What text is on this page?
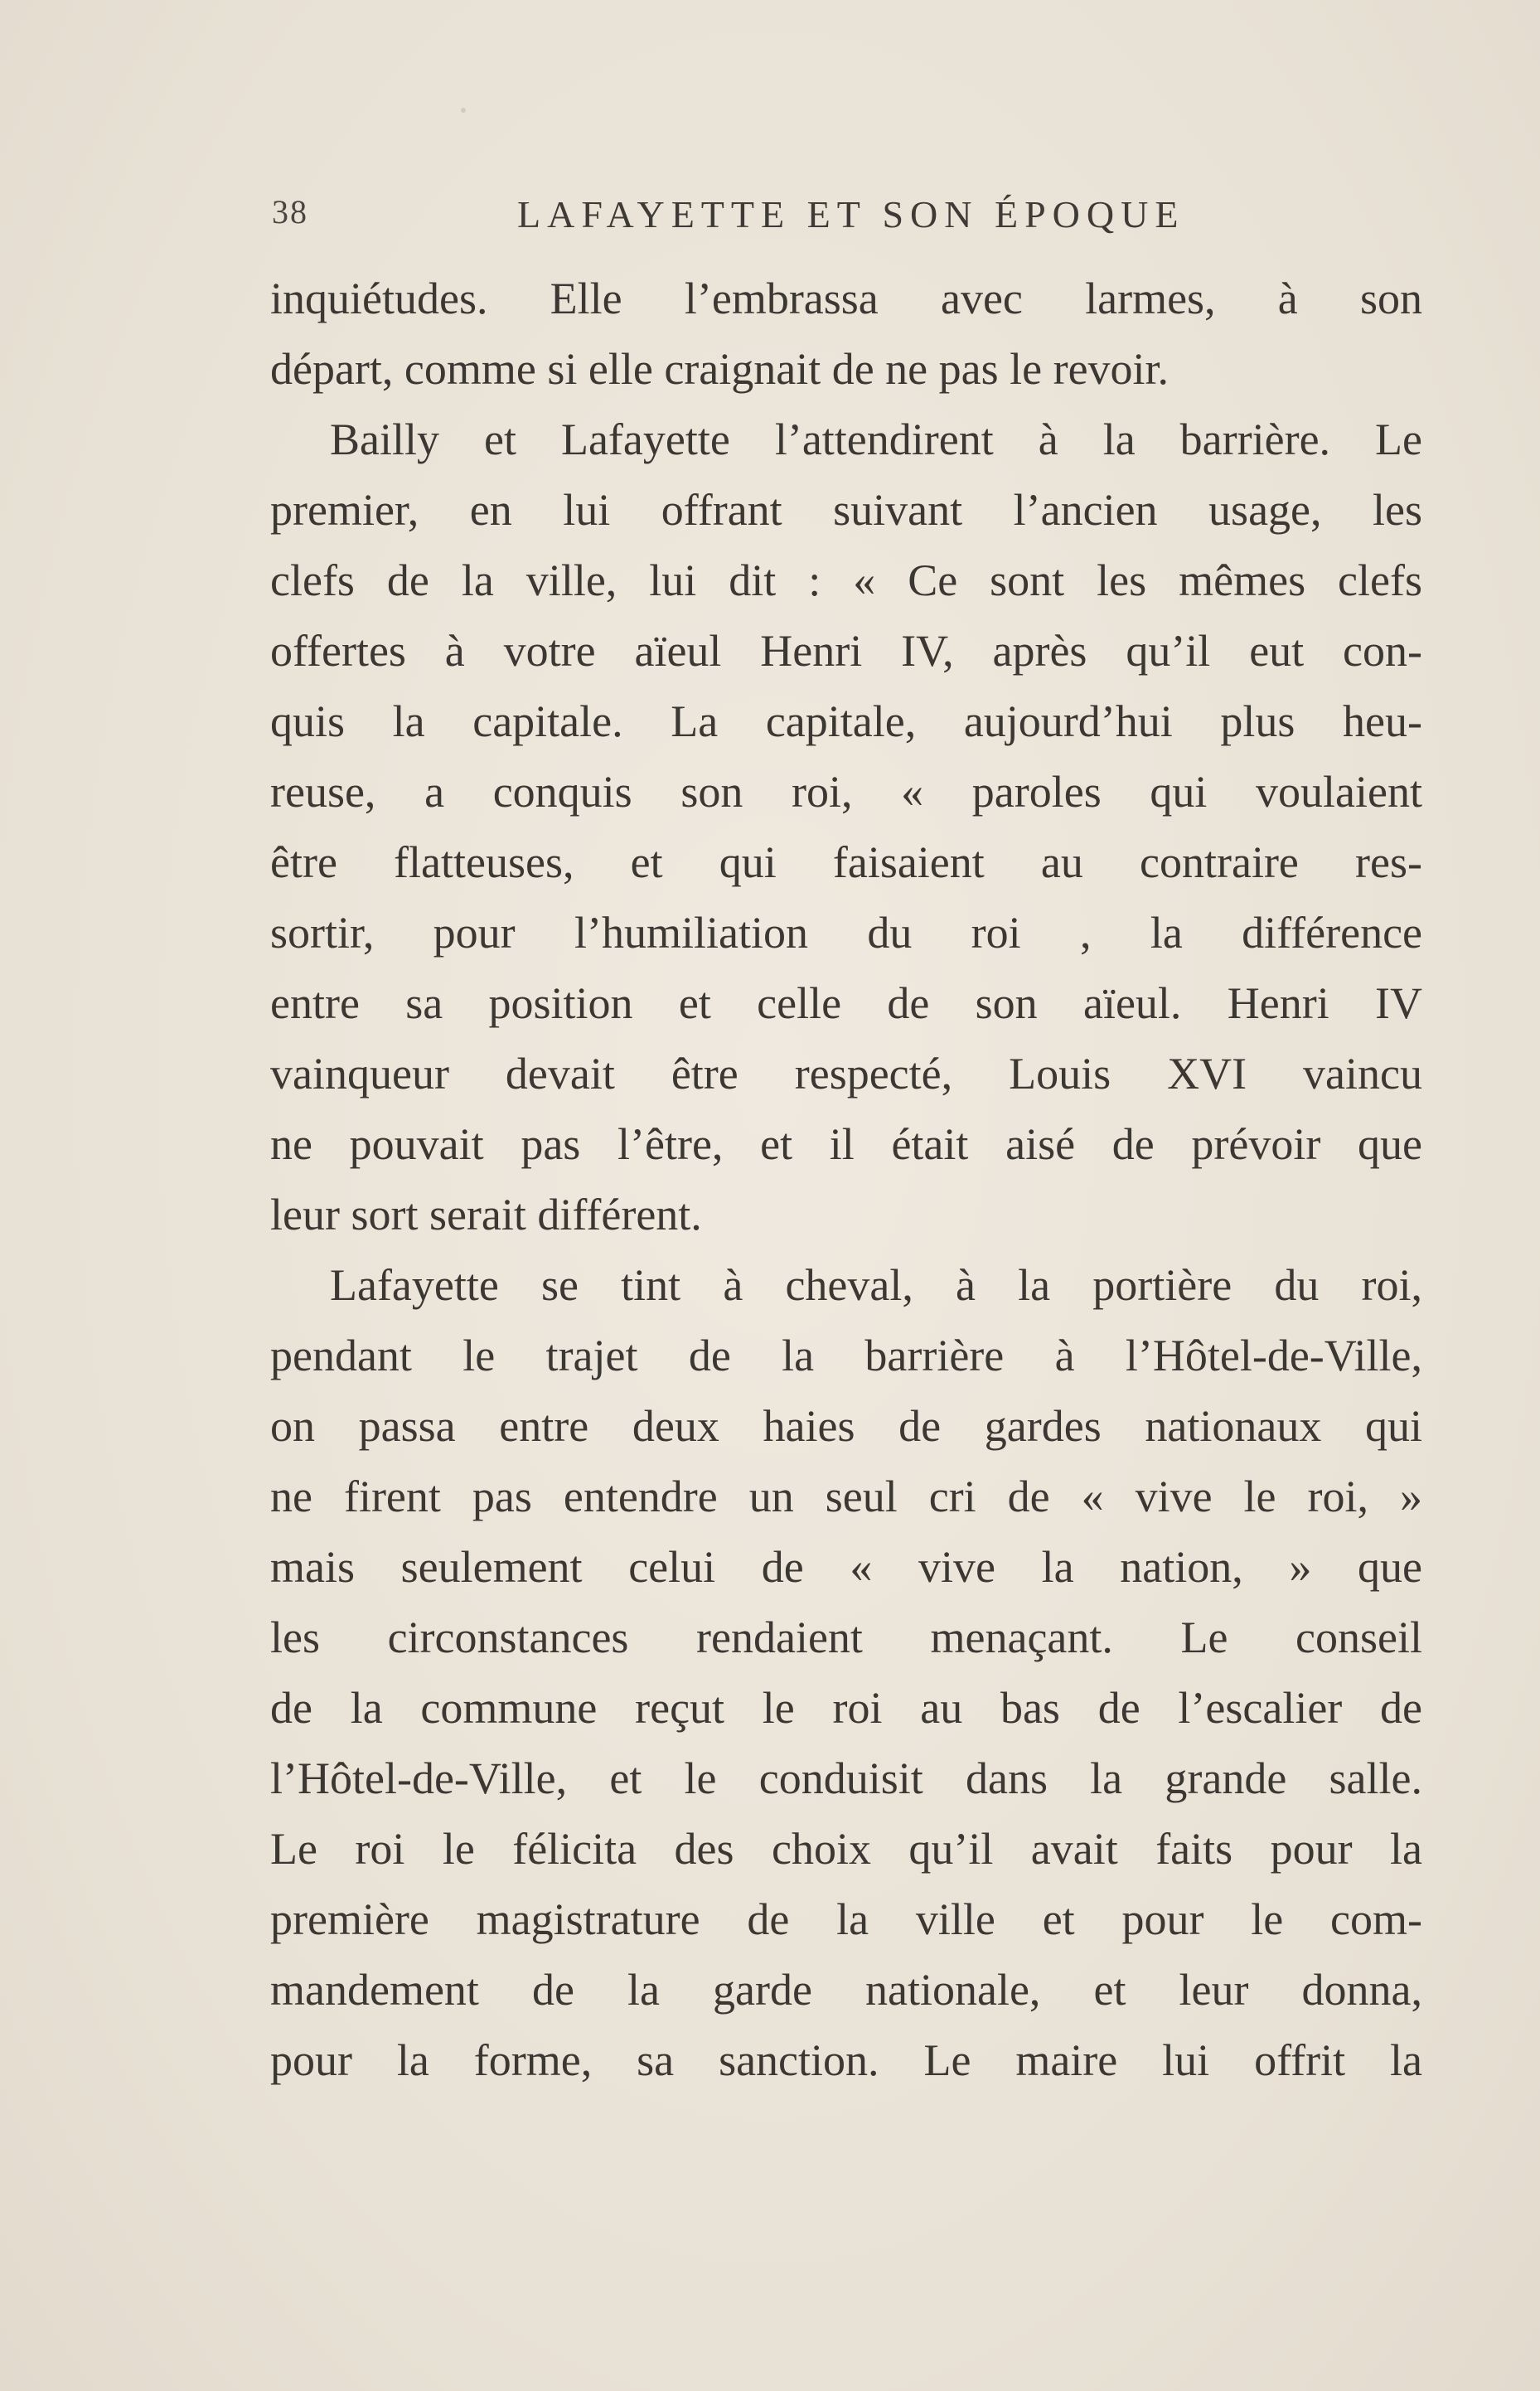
38	LAFAYETTE ET SON ÉPOQUE
inquiétudes. Elle l’embrassa avec larmes, à son
départ, comme si elle craignait de ne pas le revoir.
Bailly et Lafayette l’attendirent à la barrière. Le
premier, en lui offrant suivant l’ancien usage, les
clefs de la ville, lui dit : « Ce sont les mêmes clefs
offertes à votre aïeul Henri IV, après qu’il eut con-
quis la capitale. La capitale, aujourd’hui plus heu-
reuse, a conquis son roi, « paroles qui voulaient
être flatteuses, et qui faisaient au contraire res-
sortir, pour l’humiliation du roi , la différence
entre sa position et celle de son aïeul. Henri IV
vainqueur devait être respecté, Louis XVI vaincu
ne pouvait pas l’être, et il était aisé de prévoir que
leur sort serait différent.
Lafayette se tint à cheval, à la portière du roi,
pendant le trajet de la barrière à l’Hôtel-de-Ville,
on passa entre deux haies de gardes nationaux qui
ne firent pas entendre un seul cri de « vive le roi, »
mais seulement celui de « vive la nation, » que
les circonstances rendaient menaçant. Le conseil
de la commune reçut le roi au bas de l’escalier de
l’Hôtel-de-Ville, et le conduisit dans la grande salle.
Le roi le félicita des choix qu’il avait faits pour la
première magistrature de la ville et pour le com-
mandement de la garde nationale, et leur donna,
pour la forme, sa sanction. Le maire lui offrit la
